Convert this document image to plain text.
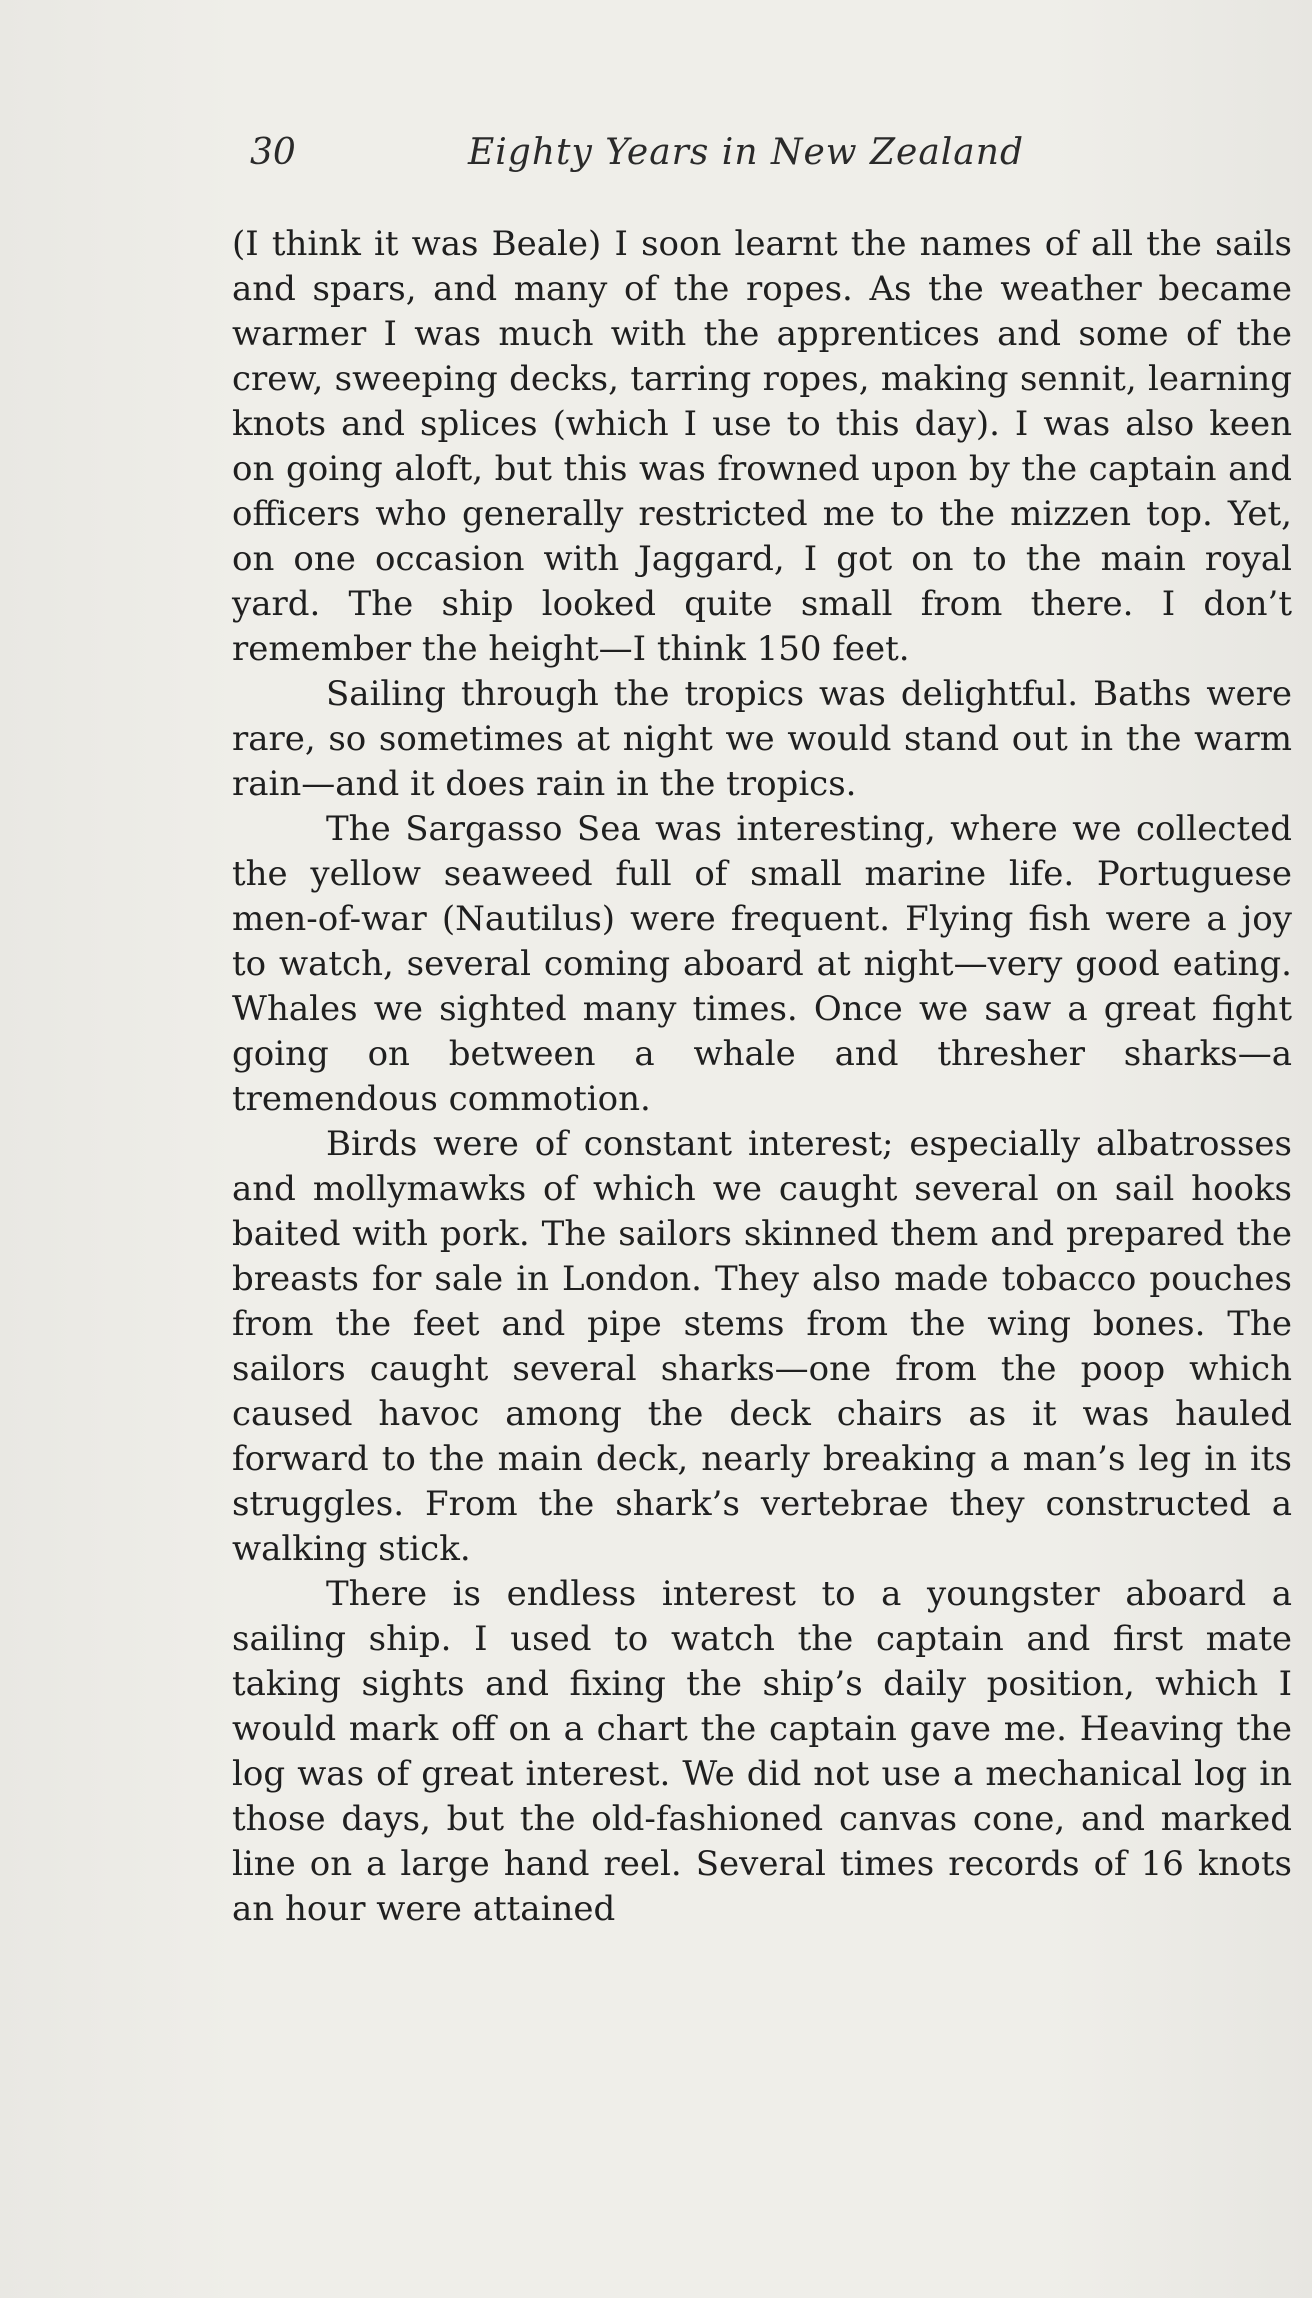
30	Eighty Years in New Zealand

(I think it was Beale) I soon learnt the names of all the sails and spars, and many of the ropes. As the weather became warmer I was much with the apprentices and some of the crew, sweeping decks, tarring ropes, making sennit, learning knots and splices (which I use to this day). I was also keen on going aloft, but this was frowned upon by the captain and officers who generally restricted me to the mizzen top. Yet, on one occasion with Jaggard, I got on to the main royal yard. The ship looked quite small from there. I don’t remember the height—I think 150 feet.

Sailing through the tropics was delightful. Baths were rare, so sometimes at night we would stand out in the warm rain—and it does rain in the tropics.

The Sargasso Sea was interesting, where we collected the yellow seaweed full of small marine life. Portuguese men-of-war (Nautilus) were frequent. Flying fish were a joy to watch, several coming aboard at night—very good eating. Whales we sighted many times. Once we saw a great fight going on between a whale and thresher sharks—a tremendous commotion.

Birds were of constant interest; especially albatrosses and mollymawks of which we caught several on sail hooks baited with pork. The sailors skinned them and prepared the breasts for sale in London. They also made tobacco pouches from the feet and pipe stems from the wing bones. The sailors caught several sharks—one from the poop which caused havoc among the deck chairs as it was hauled forward to the main deck, nearly breaking a man’s leg in its struggles. From the shark’s vertebrae they constructed a walking stick.

There is endless interest to a youngster aboard a sailing ship. I used to watch the captain and first mate taking sights and fixing the ship’s daily position, which I would mark off on a chart the captain gave me. Heaving the log was of great interest. We did not use a mechanical log in those days, but the old-fashioned canvas cone, and marked line on a large hand reel. Several times records of 16 knots an hour were attained
